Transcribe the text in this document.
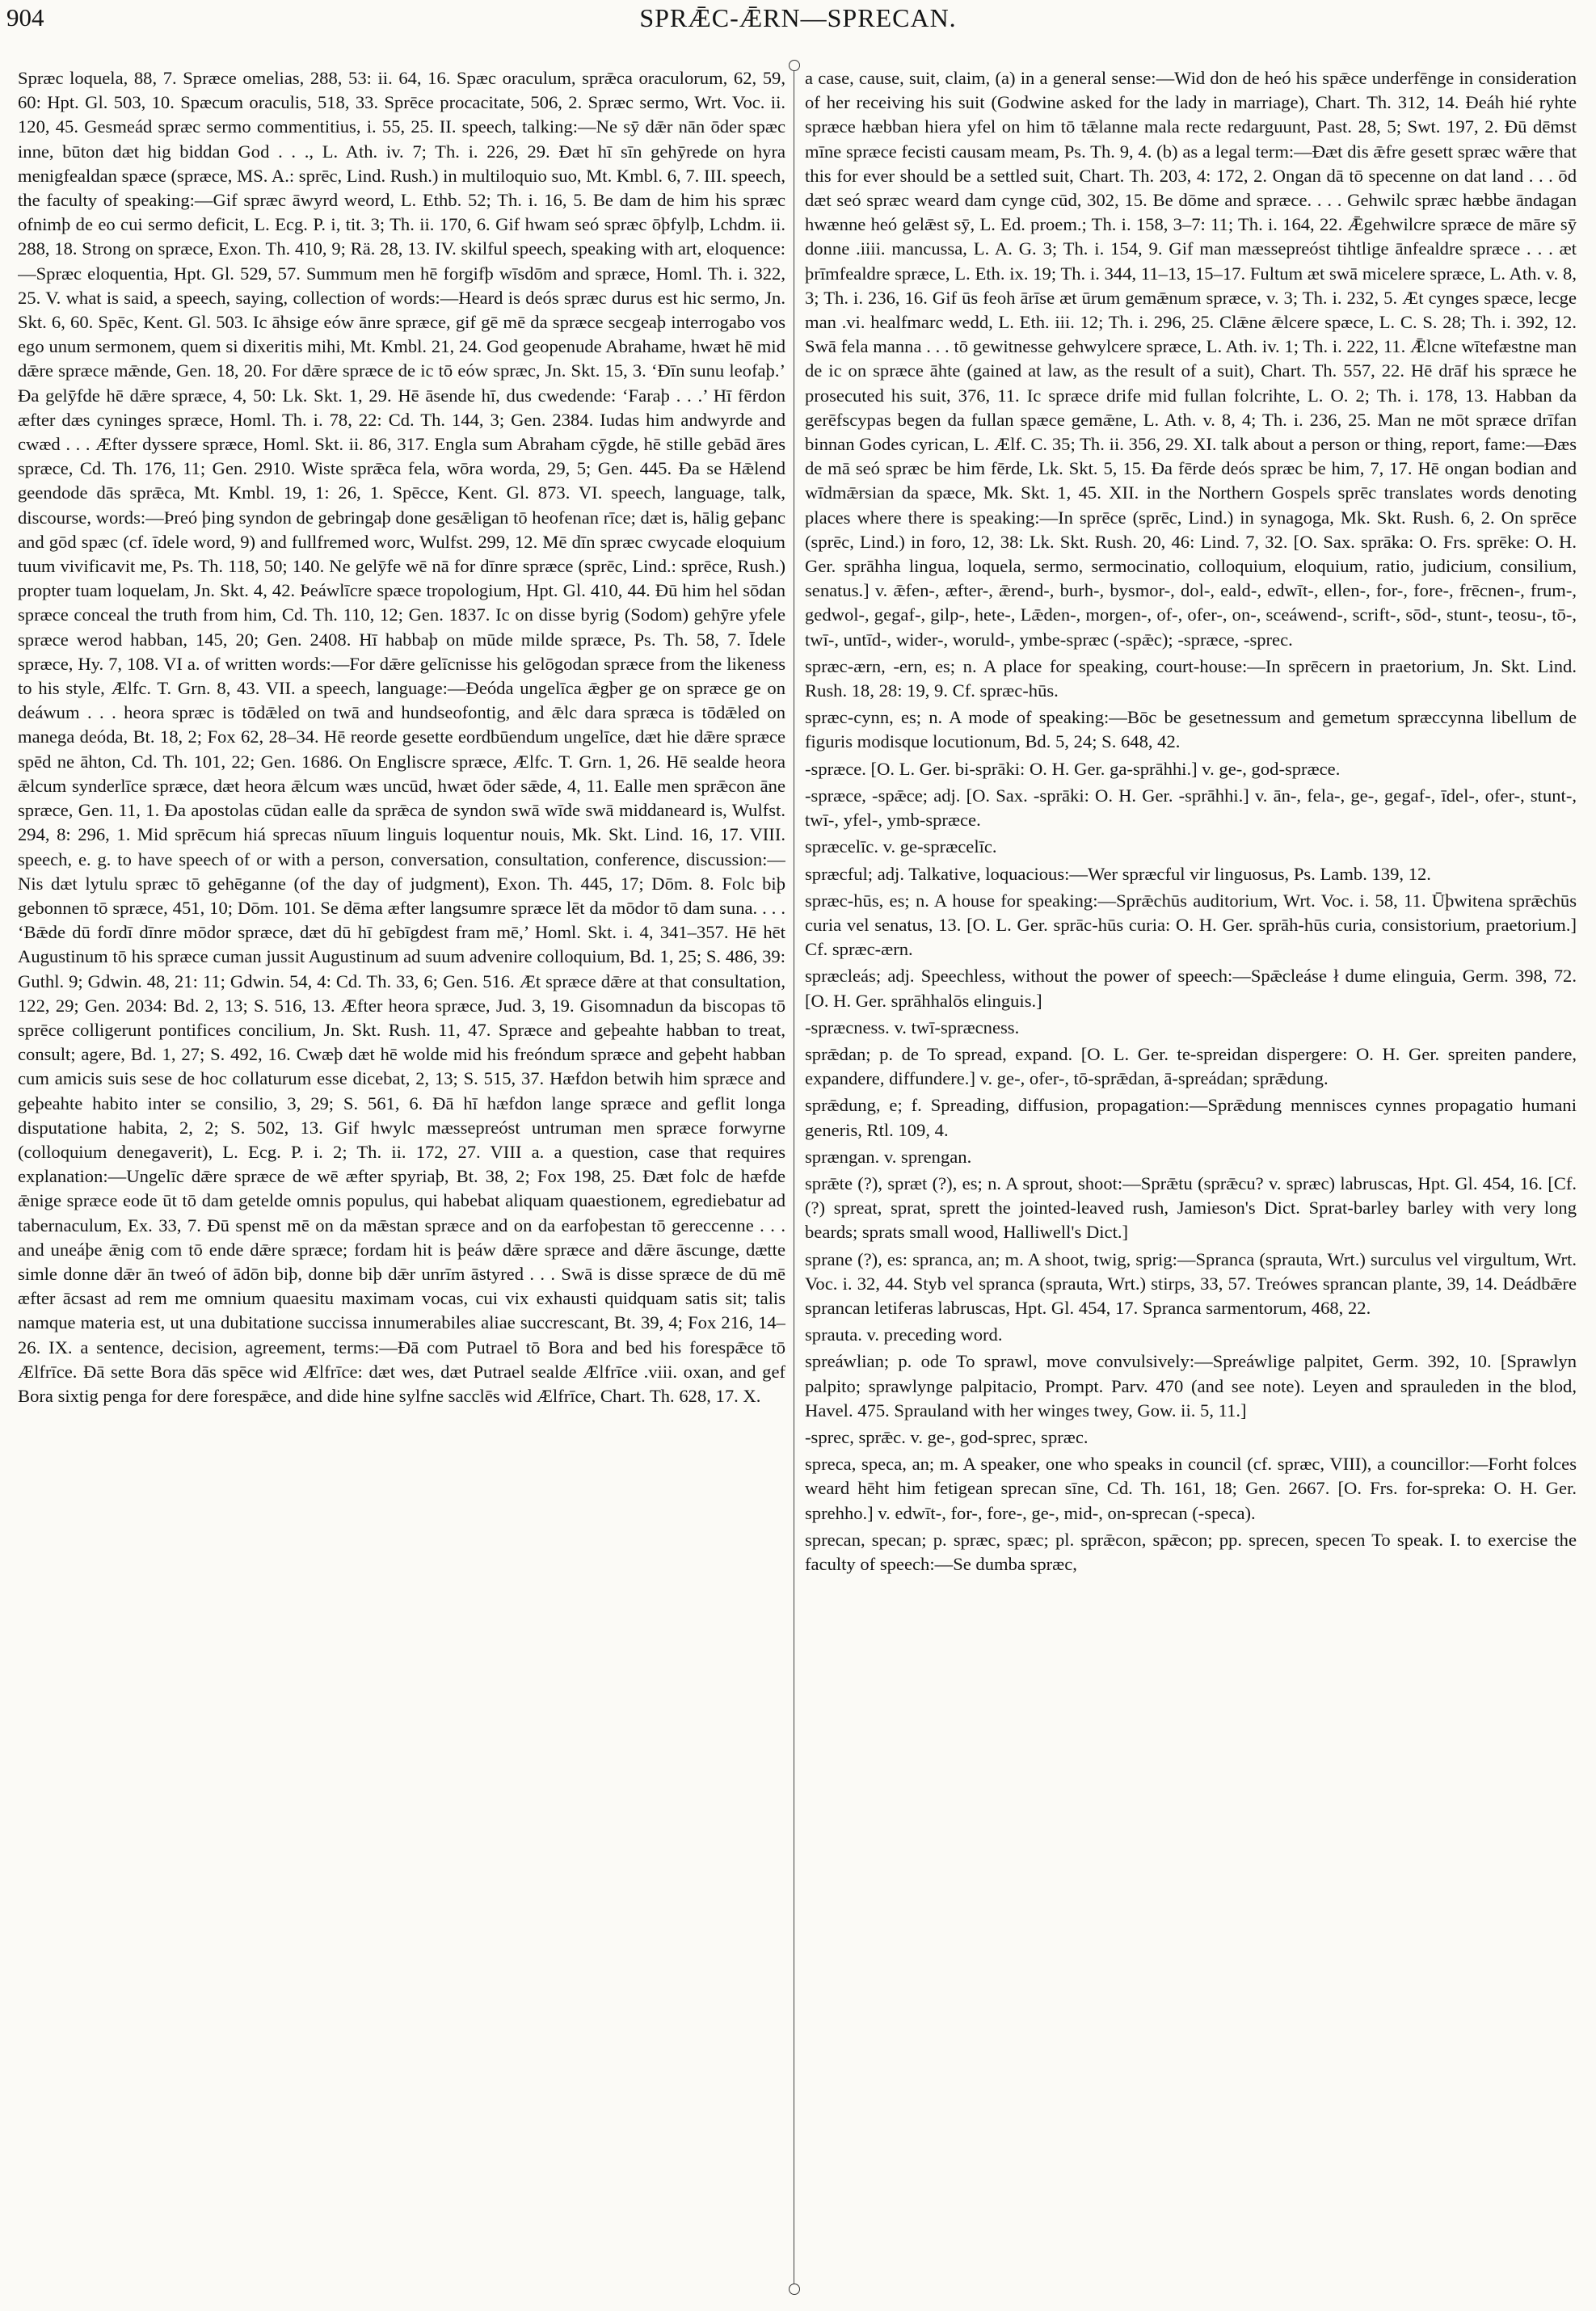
904	SPRǢC-ǢRN—SPRECAN.

Spræc loquela, 88, 7. Spræce omelias, 288, 53: ii. 64, 16. Spæc oraculum, sprǣca oraculorum, 62, 59, 60: Hpt. Gl. 503, 10. Spæcum oraculis, 518, 33. Sprēce procacitate, 506, 2. Spræc sermo, Wrt. Voc. ii. 120, 45. Gesmeád spræc sermo commentitius, i. 55, 25. II. speech, talking:—Ne sȳ dǣr nān ōder spæc inne, būton dæt hig biddan God . . ., L. Ath. iv. 7; Th. i. 226, 29. Ðæt hī sīn gehȳrede on hyra menigfealdan spæce (spræce, MS. A.: sprēc, Lind. Rush.) in multiloquio suo, Mt. Kmbl. 6, 7. III. speech, the faculty of speaking:—Gif spræc āwyrd weord, L. Ethb. 52; Th. i. 16, 5. Be dam de him his spræc ofnimþ de eo cui sermo deficit, L. Ecg. P. i, tit. 3; Th. ii. 170, 6. Gif hwam seó spræc ōþfylþ, Lchdm. ii. 288, 18. Strong on spræce, Exon. Th. 410, 9; Rä. 28, 13. IV. skilful speech, speaking with art, eloquence:—Spræc eloquentia, Hpt. Gl. 529, 57. Summum men hē forgifþ wīsdōm and spræce, Homl. Th. i. 322, 25. V. what is said, a speech, saying, collection of words:—Heard is deós spræc durus est hic sermo, Jn. Skt. 6, 60. Spēc, Kent. Gl. 503. Ic āhsige eów ānre spræce, gif gē mē da spræce secgeaþ interrogabo vos ego unum sermonem, quem si dixeritis mihi, Mt. Kmbl. 21, 24. God geopenude Abrahame, hwæt hē mid dǣre spræce mǣnde, Gen. 18, 20. For dǣre spræce de ic tō eów spræc, Jn. Skt. 15, 3. ‘Ðīn sunu leofaþ.’ Ða gelȳfde hē dǣre spræce, 4, 50: Lk. Skt. 1, 29. Hē āsende hī, dus cwedende: ‘Faraþ . . .’ Hī fērdon æfter dæs cyninges spræce, Homl. Th. i. 78, 22: Cd. Th. 144, 3; Gen. 2384. Iudas him andwyrde and cwæd . . . Æfter dyssere spræce, Homl. Skt. ii. 86, 317. Engla sum Abraham cȳgde, hē stille gebād āres spræce, Cd. Th. 176, 11; Gen. 2910. Wiste sprǣca fela, wōra worda, 29, 5; Gen. 445. Ða se Hǣlend geendode dās sprǣca, Mt. Kmbl. 19, 1: 26, 1. Spēcce, Kent. Gl. 873. VI. speech, language, talk, discourse, words:—Þreó þing syndon de gebringaþ done gesǣligan tō heofenan rīce; dæt is, hālig geþanc and gōd spæc (cf. īdele word, 9) and fullfremed worc, Wulfst. 299, 12. Mē dīn spræc cwycade eloquium tuum vivificavit me, Ps. Th. 118, 50; 140. Ne gelȳfe wē nā for dīnre spræce (sprēc, Lind.: sprēce, Rush.) propter tuam loquelam, Jn. Skt. 4, 42. Þeáwlīcre spæce tropologium, Hpt. Gl. 410, 44. Ðū him hel sōdan spræce conceal the truth from him, Cd. Th. 110, 12; Gen. 1837. Ic on disse byrig (Sodom) gehȳre yfele spræce werod habban, 145, 20; Gen. 2408. Hī habbaþ on mūde milde spræce, Ps. Th. 58, 7. Īdele spræce, Hy. 7, 108. VI a. of written words:—For dǣre gelīcnisse his gelōgodan spræce from the likeness to his style, Ælfc. T. Grn. 8, 43. VII. a speech, language:—Ðeóda ungelīca ǣgþer ge on spræce ge on deáwum . . . heora spræc is tōdǣled on twā and hundseofontig, and ǣlc dara spræca is tōdǣled on manega deóda, Bt. 18, 2; Fox 62, 28–34. Hē reorde gesette eordbūendum ungelīce, dæt hie dǣre spræce spēd ne āhton, Cd. Th. 101, 22; Gen. 1686. On Engliscre spræce, Ælfc. T. Grn. 1, 26. Hē sealde heora ǣlcum synderlīce spræce, dæt heora ǣlcum wæs uncūd, hwæt ōder sǣde, 4, 11. Ealle men sprǣcon āne spræce, Gen. 11, 1. Ða apostolas cūdan ealle da sprǣca de syndon swā wīde swā middaneard is, Wulfst. 294, 8: 296, 1. Mid sprēcum hiá sprecas nīuum linguis loquentur nouis, Mk. Skt. Lind. 16, 17. VIII. speech, e. g. to have speech of or with a person, conversation, consultation, conference, discussion:—Nis dæt lytulu spræc tō gehēganne (of the day of judgment), Exon. Th. 445, 17; Dōm. 8. Folc biþ gebonnen tō spræce, 451, 10; Dōm. 101. Se dēma æfter langsumre spræce lēt da mōdor tō dam suna. . . . ‘Bǣde dū fordī dīnre mōdor spræce, dæt dū hī gebīgdest fram mē,’ Homl. Skt. i. 4, 341–357. Hē hēt Augustinum tō his spræce cuman jussit Augustinum ad suum advenire colloquium, Bd. 1, 25; S. 486, 39: Guthl. 9; Gdwin. 48, 21: 11; Gdwin. 54, 4: Cd. Th. 33, 6; Gen. 516. Æt spræce dǣre at that consultation, 122, 29; Gen. 2034: Bd. 2, 13; S. 516, 13. Æfter heora spræce, Jud. 3, 19. Gisomnadun da biscopas tō sprēce colligerunt pontifices concilium, Jn. Skt. Rush. 11, 47. Spræce and geþeahte habban to treat, consult; agere, Bd. 1, 27; S. 492, 16. Cwæþ dæt hē wolde mid his freóndum spræce and geþeht habban cum amicis suis sese de hoc collaturum esse dicebat, 2, 13; S. 515, 37. Hæfdon betwih him spræce and geþeahte habito inter se consilio, 3, 29; S. 561, 6. Ðā hī hæfdon lange spræce and geflit longa disputatione habita, 2, 2; S. 502, 13. Gif hwylc mæssepreóst untruman men spræce forwyrne (colloquium denegaverit), L. Ecg. P. i. 2; Th. ii. 172, 27. VIII a. a question, case that requires explanation:—Ungelīc dǣre spræce de wē æfter spyriaþ, Bt. 38, 2; Fox 198, 25. Ðæt folc de hæfde ǣnige spræce eode ūt tō dam getelde omnis populus, qui habebat aliquam quaestionem, egrediebatur ad tabernaculum, Ex. 33, 7. Ðū spenst mē on da mǣstan spræce and on da earfoþestan tō gereccenne . . . and uneáþe ǣnig com tō ende dǣre spræce; fordam hit is þeáw dǣre spræce and dǣre āscunge, dætte simle donne dǣr ān tweó of ādōn biþ, donne biþ dǣr unrīm āstyred . . . Swā is disse spræce de dū mē æfter ācsast ad rem me omnium quaesitu maximam vocas, cui vix exhausti quidquam satis sit; talis namque materia est, ut una dubitatione succissa innumerabiles aliae succrescant, Bt. 39, 4; Fox 216, 14–26. IX. a sentence, decision, agreement, terms:—Ðā com Putrael tō Bora and bed his forespǣce tō Ælfrīce. Ðā sette Bora dās spēce wid Ælfrīce: dæt wes, dæt Putrael sealde Ælfrīce .viii. oxan, and gef Bora sixtig penga for dere forespǣce, and dide hine sylfne sacclēs wid Ælfrīce, Chart. Th. 628, 17. X.

a case, cause, suit, claim, (a) in a general sense:—Wid don de heó his spǣce underfēnge in consideration of her receiving his suit (Godwine asked for the lady in marriage), Chart. Th. 312, 14. Ðeáh hié ryhte spræce hæbban hiera yfel on him tō tǣlanne mala recte redarguunt, Past. 28, 5; Swt. 197, 2. Ðū dēmst mīne spræce fecisti causam meam, Ps. Th. 9, 4. (b) as a legal term:—Ðæt dis ǣfre gesett spræc wǣre that this for ever should be a settled suit, Chart. Th. 203, 4: 172, 2. Ongan dā tō specenne on dat land . . . ōd dæt seó spræc weard dam cynge cūd, 302, 15. Be dōme and spræce. . . . Gehwilc spræc hæbbe āndagan hwænne heó gelǣst sȳ, L. Ed. proem.; Th. i. 158, 3–7: 11; Th. i. 164, 22. Ǣgehwilcre spræce de māre sȳ donne .iiii. mancussa, L. A. G. 3; Th. i. 154, 9. Gif man mæssepreóst tihtlige ānfealdre spræce . . . æt þrīmfealdre spræce, L. Eth. ix. 19; Th. i. 344, 11–13, 15–17. Fultum æt swā micelere spræce, L. Ath. v. 8, 3; Th. i. 236, 16. Gif ūs feoh ārīse æt ūrum gemǣnum spræce, v. 3; Th. i. 232, 5. Æt cynges spæce, lecge man .vi. healfmarc wedd, L. Eth. iii. 12; Th. i. 296, 25. Clǣne ǣlcere spæce, L. C. S. 28; Th. i. 392, 12. Swā fela manna . . . tō gewitnesse gehwylcere spræce, L. Ath. iv. 1; Th. i. 222, 11. Ǣlcne wītefæstne man de ic on spræce āhte (gained at law, as the result of a suit), Chart. Th. 557, 22. Hē drāf his spræce he prosecuted his suit, 376, 11. Ic spræce drife mid fullan folcrihte, L. O. 2; Th. i. 178, 13. Habban da gerēfscypas begen da fullan spæce gemǣne, L. Ath. v. 8, 4; Th. i. 236, 25. Man ne mōt spræce drīfan binnan Godes cyrican, L. Ælf. C. 35; Th. ii. 356, 29. XI. talk about a person or thing, report, fame:—Ðæs de mā seó spræc be him fērde, Lk. Skt. 5, 15. Ða fērde deós spræc be him, 7, 17. Hē ongan bodian and wīdmǣrsian da spæce, Mk. Skt. 1, 45. XII. in the Northern Gospels sprēc translates words denoting places where there is speaking:—In sprēce (sprēc, Lind.) in synagoga, Mk. Skt. Rush. 6, 2. On sprēce (sprēc, Lind.) in foro, 12, 38: Lk. Skt. Rush. 20, 46: Lind. 7, 32. [O. Sax. sprāka: O. Frs. sprēke: O. H. Ger. sprāhha lingua, loquela, sermo, sermocinatio, colloquium, eloquium, ratio, judicium, consilium, senatus.] v. ǣfen-, æfter-, ǣrend-, burh-, bysmor-, dol-, eald-, edwīt-, ellen-, for-, fore-, frēcnen-, frum-, gedwol-, gegaf-, gilp-, hete-, Lǣden-, morgen-, of-, ofer-, on-, sceáwend-, scrift-, sōd-, stunt-, teosu-, tō-, twī-, untīd-, wider-, woruld-, ymbe-spræc (-spǣc); -spræce, -sprec.

spræc-ærn, -ern, es; n. A place for speaking, court-house:—In sprēcern in praetorium, Jn. Skt. Lind. Rush. 18, 28: 19, 9. Cf. spræc-hūs.

spræc-cynn, es; n. A mode of speaking:—Bōc be gesetnessum and gemetum spræccynna libellum de figuris modisque locutionum, Bd. 5, 24; S. 648, 42.

-spræce. [O. L. Ger. bi-sprāki: O. H. Ger. ga-sprāhhi.] v. ge-, god-spræce.

-spræce, -spǣce; adj. [O. Sax. -sprāki: O. H. Ger. -sprāhhi.] v. ān-, fela-, ge-, gegaf-, īdel-, ofer-, stunt-, twī-, yfel-, ymb-spræce.

spræcelīc. v. ge-spræcelīc.

spræcful; adj. Talkative, loquacious:—Wer spræcful vir linguosus, Ps. Lamb. 139, 12.

spræc-hūs, es; n. A house for speaking:—Sprǣchūs auditorium, Wrt. Voc. i. 58, 11. Ūþwitena sprǣchūs curia vel senatus, 13. [O. L. Ger. sprāc-hūs curia: O. H. Ger. sprāh-hūs curia, consistorium, praetorium.] Cf. spræc-ærn.

spræcleás; adj. Speechless, without the power of speech:—Spǣcleáse ł dume elinguia, Germ. 398, 72. [O. H. Ger. sprāhhalōs elinguis.]

-spræcness. v. twī-spræcness.

sprǣdan; p. de To spread, expand. [O. L. Ger. te-spreidan dispergere: O. H. Ger. spreiten pandere, expandere, diffundere.] v. ge-, ofer-, tō-sprǣdan, ā-spreádan; sprǣdung.

sprǣdung, e; f. Spreading, diffusion, propagation:—Sprǣdung mennisces cynnes propagatio humani generis, Rtl. 109, 4.

sprængan. v. sprengan.

sprǣte (?), spræt (?), es; n. A sprout, shoot:—Sprǣtu (sprǣcu? v. spræc) labruscas, Hpt. Gl. 454, 16. [Cf. (?) spreat, sprat, sprett the jointed-leaved rush, Jamieson's Dict. Sprat-barley barley with very long beards; sprats small wood, Halliwell's Dict.]

sprane (?), es: spranca, an; m. A shoot, twig, sprig:—Spranca (sprauta, Wrt.) surculus vel virgultum, Wrt. Voc. i. 32, 44. Styb vel spranca (sprauta, Wrt.) stirps, 33, 57. Treówes sprancan plante, 39, 14. Deádbǣre sprancan letiferas labruscas, Hpt. Gl. 454, 17. Spranca sarmentorum, 468, 22.

sprauta. v. preceding word.

spreáwlian; p. ode To sprawl, move convulsively:—Spreáwlige palpitet, Germ. 392, 10. [Sprawlyn palpito; sprawlynge palpitacio, Prompt. Parv. 470 (and see note). Leyen and sprauleden in the blod, Havel. 475. Sprauland with her winges twey, Gow. ii. 5, 11.]

-sprec, sprǣc. v. ge-, god-sprec, spræc.

spreca, speca, an; m. A speaker, one who speaks in council (cf. spræc, VIII), a councillor:—Forht folces weard hēht him fetigean sprecan sīne, Cd. Th. 161, 18; Gen. 2667. [O. Frs. for-spreka: O. H. Ger. sprehho.] v. edwīt-, for-, fore-, ge-, mid-, on-sprecan (-speca).

sprecan, specan; p. spræc, spæc; pl. sprǣcon, spǣcon; pp. sprecen, specen To speak. I. to exercise the faculty of speech:—Se dumba spræc,
